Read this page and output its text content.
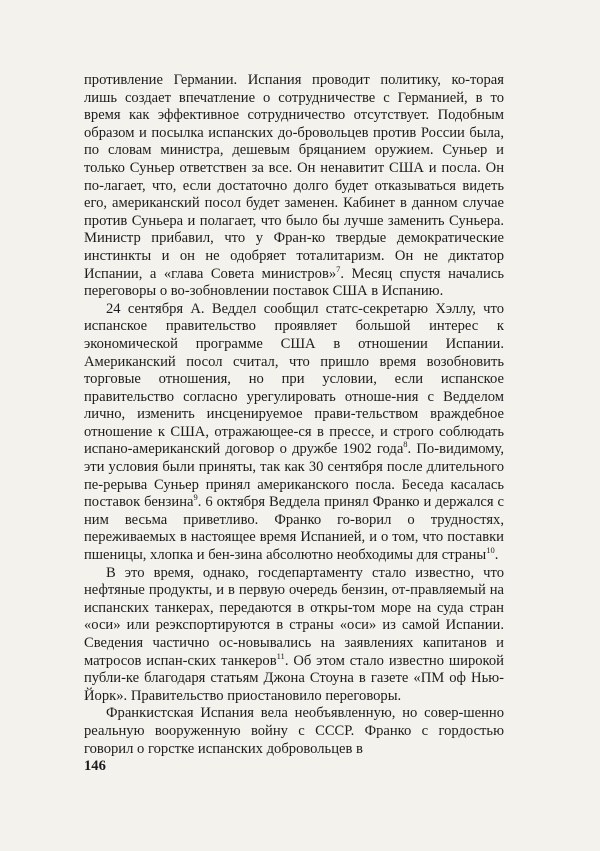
противление Германии. Испания проводит политику, ко-торая лишь создает впечатление о сотрудничестве с Германией, в то время как эффективное сотрудничество отсутствует. Подобным образом и посылка испанских до-бровольцев против России была, по словам министра, дешевым бряцанием оружием. Суньер и только Суньер ответствен за все. Он ненавитит США и посла. Он по-лагает, что, если достаточно долго будет отказываться видеть его, американский посол будет заменен. Кабинет в данном случае против Суньера и полагает, что было бы лучше заменить Суньера. Министр прибавил, что у Фран-ко твердые демократические инстинкты и он не одобряет тоталитаризм. Он не диктатор Испании, а «глава Совета министров»$^7$. Месяц спустя начались переговоры о во-зобновлении поставок США в Испанию.

24 сентября А. Веддел сообщил статс-секретарю Хэллу, что испанское правительство проявляет большой интерес к экономической программе США в отношении Испании. Американский посол считал, что пришло время возобновить торговые отношения, но при условии, если испанское правительство согласно урегулировать отноше-ния с Ведделом лично, изменить инсценируемое прави-тельством враждебное отношение к США, отражающее-ся в прессе, и строго соблюдать испано-американский договор о дружбе 1902 года$^8$. По-видимому, эти условия были приняты, так как 30 сентября после длительного пе-рерыва Суньер принял американского посла. Беседа касалась поставок бензина$^9$. 6 октября Веддела принял Франко и держался с ним весьма приветливо. Франко го-ворил о трудностях, переживаемых в настоящее время Испанией, и о том, что поставки пшеницы, хлопка и бен-зина абсолютно необходимы для страны$^{10}$.

В это время, однако, госдепартаменту стало известно, что нефтяные продукты, и в первую очередь бензин, от-правляемый на испанских танкерах, передаются в откры-том море на суда стран «оси» или реэкспортируются в страны «оси» из самой Испании. Сведения частично ос-новывались на заявлениях капитанов и матросов испан-ских танкеров$^{11}$. Об этом стало известно широкой публи-ке благодаря статьям Джона Стоуна в газете «ПМ оф Нью-Йорк». Правительство приостановило переговоры.

Франкистская Испания вела необъявленную, но совер-шенно реальную вооруженную войну с СССР. Франко с гордостью говорил о горстке испанских добровольцев в

146
